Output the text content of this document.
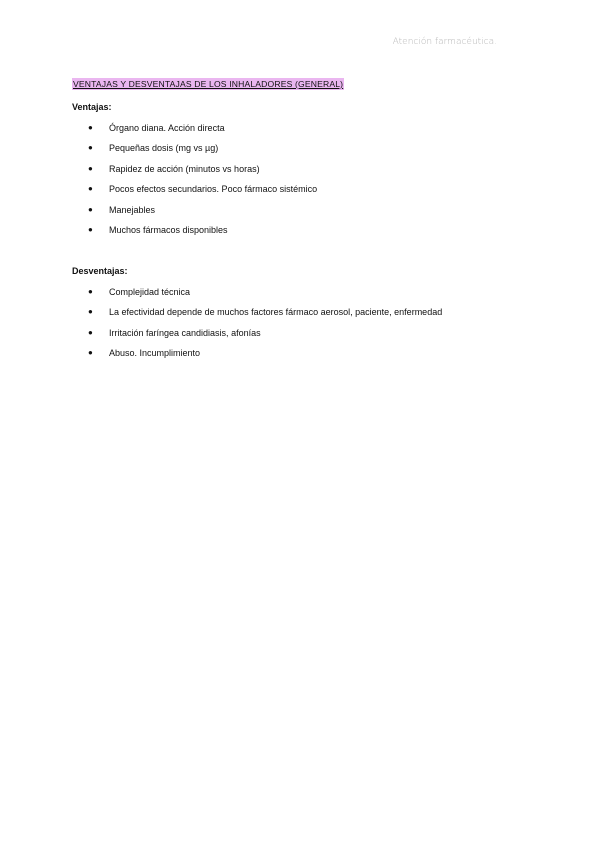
Atención farmacéutica.
VENTAJAS Y DESVENTAJAS DE LOS INHALADORES (GENERAL)
Ventajas:
● Órgano diana. Acción directa
● Pequeñas dosis (mg vs µg)
● Rapidez de acción (minutos vs horas)
● Pocos efectos secundarios. Poco fármaco sistémico
● Manejables
● Muchos fármacos disponibles
Desventajas:
● Complejidad técnica
● La efectividad depende de muchos factores fármaco aerosol, paciente, enfermedad
● Irritación faríngea candidiasis, afonías
● Abuso. Incumplimiento
